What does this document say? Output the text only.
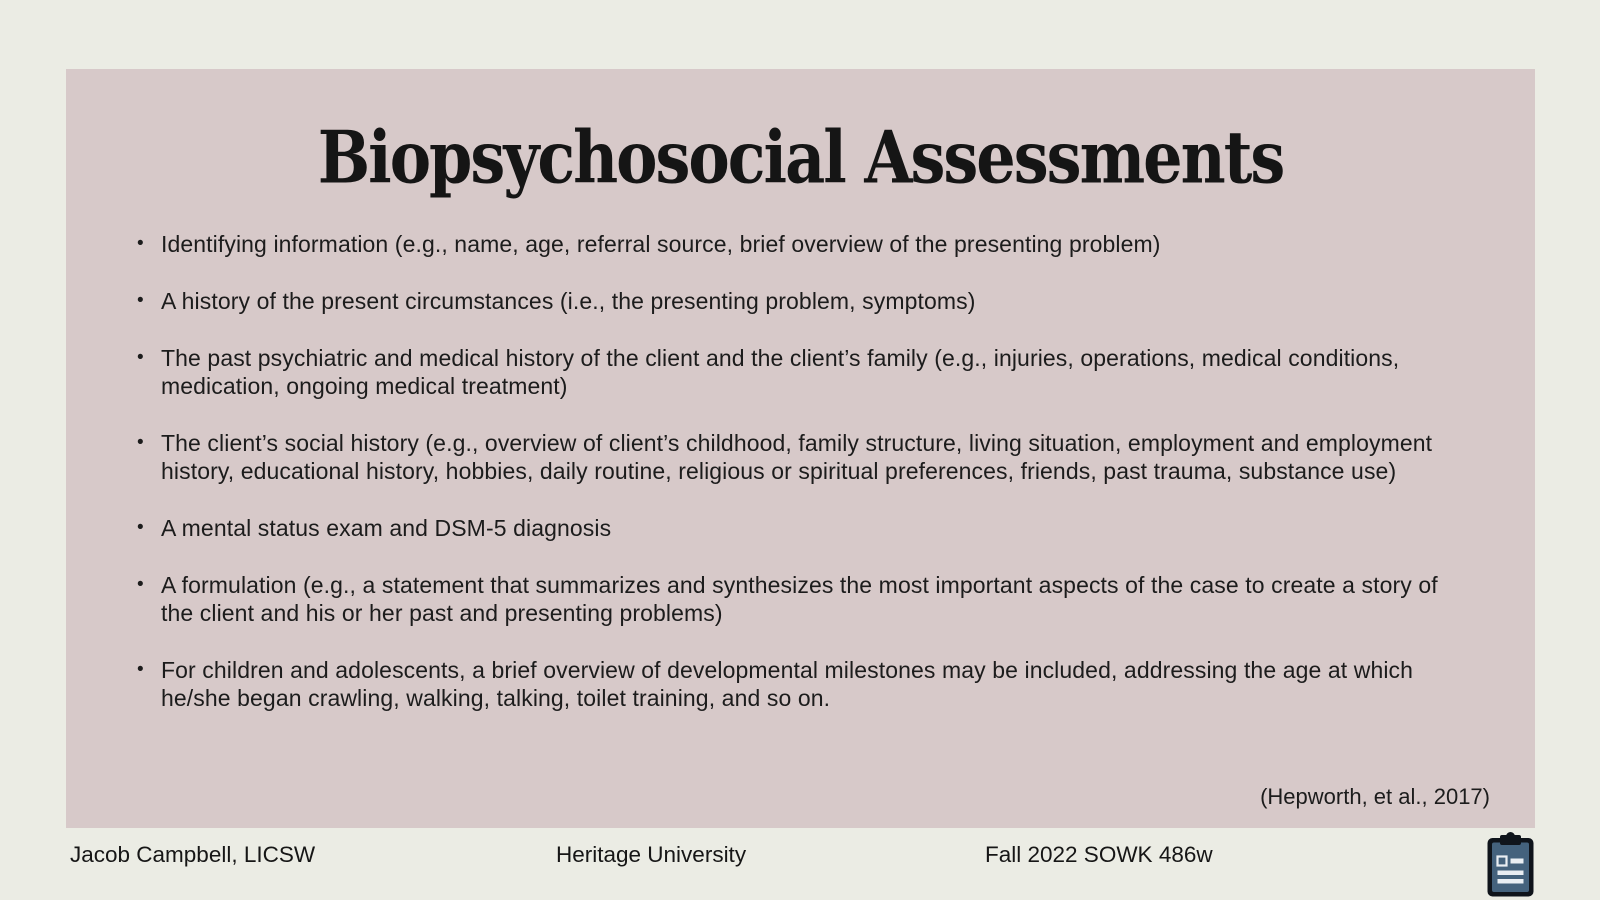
Biopsychosocial Assessments
• Identifying information (e.g., name, age, referral source, brief overview of the presenting problem)
• A history of the present circumstances (i.e., the presenting problem, symptoms)
• The past psychiatric and medical history of the client and the client’s family (e.g., injuries, operations, medical conditions, medication, ongoing medical treatment)
• The client’s social history (e.g., overview of client’s childhood, family structure, living situation, employment and employment history, educational history, hobbies, daily routine, religious or spiritual preferences, friends, past trauma, substance use)
• A mental status exam and DSM-5 diagnosis
• A formulation (e.g., a statement that summarizes and synthesizes the most important aspects of the case to create a story of the client and his or her past and presenting problems)
• For children and adolescents, a brief overview of developmental milestones may be included, addressing the age at which he/she began crawling, walking, talking, toilet training, and so on.
(Hepworth, et al., 2017)
Jacob Campbell, LICSW	Heritage University	Fall 2022 SOWK 486w
